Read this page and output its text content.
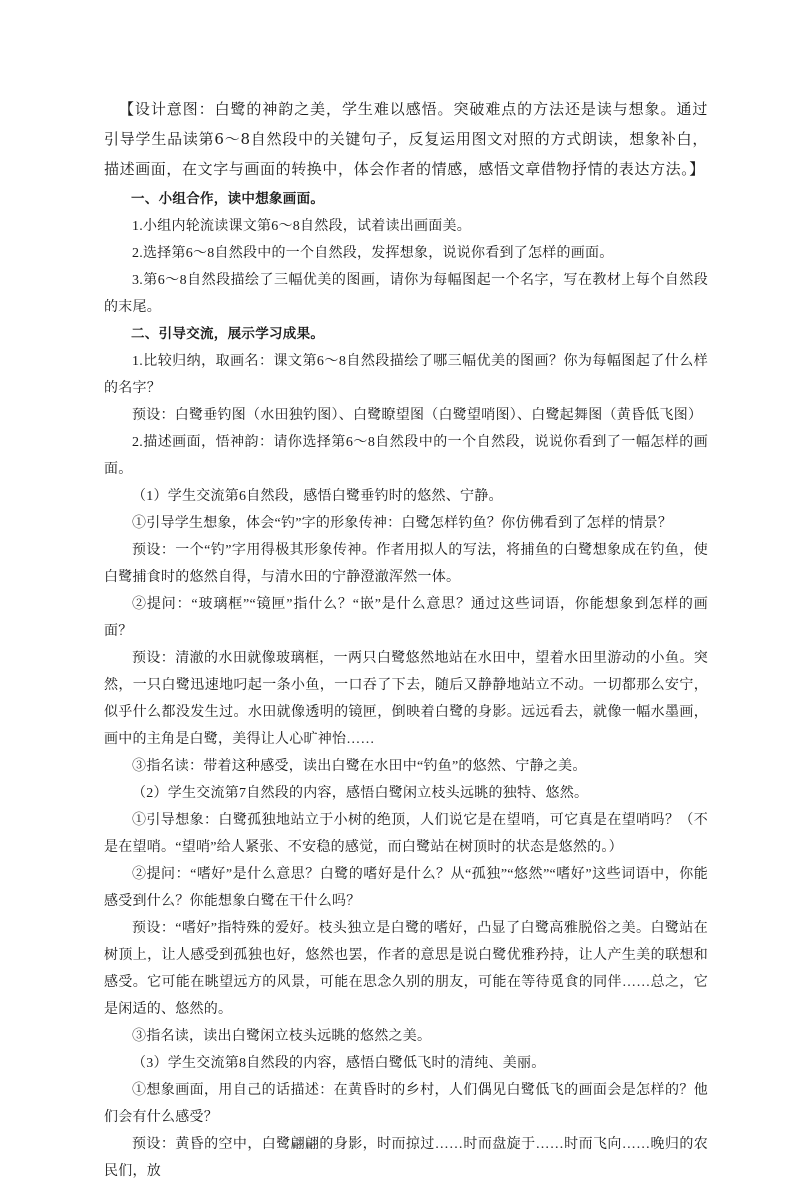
【设计意图：白鹭的神韵之美，学生难以感悟。突破难点的方法还是读与想象。通过引导学生品读第6～8自然段中的关键句子，反复运用图文对照的方式朗读，想象补白，描述画面，在文字与画面的转换中，体会作者的情感，感悟文章借物抒情的表达方法。】

一、小组合作，读中想象画面。

1.小组内轮流读课文第6～8自然段，试着读出画面美。

2.选择第6～8自然段中的一个自然段，发挥想象，说说你看到了怎样的画面。

3.第6～8自然段描绘了三幅优美的图画，请你为每幅图起一个名字，写在教材上每个自然段的末尾。

二、引导交流，展示学习成果。

1.比较归纳，取画名：课文第6～8自然段描绘了哪三幅优美的图画？你为每幅图起了什么样的名字？

预设：白鹭垂钓图（水田独钓图）、白鹭瞭望图（白鹭望哨图）、白鹭起舞图（黄昏低飞图）

2.描述画面，悟神韵：请你选择第6～8自然段中的一个自然段，说说你看到了一幅怎样的画面。

（1）学生交流第6自然段，感悟白鹭垂钓时的悠然、宁静。

①引导学生想象，体会“钓”字的形象传神：白鹭怎样钓鱼？你仿佛看到了怎样的情景？

预设：一个“钓”字用得极其形象传神。作者用拟人的写法，将捕鱼的白鹭想象成在钓鱼，使白鹭捕食时的悠然自得，与清水田的宁静澄澈浑然一体。

②提问：“玻璃框”“镜匣”指什么？“嵌”是什么意思？通过这些词语，你能想象到怎样的画面？

预设：清澈的水田就像玻璃框，一两只白鹭悠然地站在水田中，望着水田里游动的小鱼。突然，一只白鹭迅速地叼起一条小鱼，一口吞了下去，随后又静静地站立不动。一切都那么安宁，似乎什么都没发生过。水田就像透明的镜匣，倒映着白鹭的身影。远远看去，就像一幅水墨画，画中的主角是白鹭，美得让人心旷神怡……

③指名读：带着这种感受，读出白鹭在水田中“钓鱼”的悠然、宁静之美。

（2）学生交流第7自然段的内容，感悟白鹭闲立枝头远眺的独特、悠然。

①引导想象：白鹭孤独地站立于小树的绝顶，人们说它是在望哨，可它真是在望哨吗？（不是在望哨。“望哨”给人紧张、不安稳的感觉，而白鹭站在树顶时的状态是悠然的。）

②提问：“嗜好”是什么意思？白鹭的嗜好是什么？从“孤独”“悠然”“嗜好”这些词语中，你能感受到什么？你能想象白鹭在干什么吗？

预设：“嗜好”指特殊的爱好。枝头独立是白鹭的嗜好，凸显了白鹭高雅脱俗之美。白鹭站在树顶上，让人感受到孤独也好，悠然也罢，作者的意思是说白鹭优雅矜持，让人产生美的联想和感受。它可能在眺望远方的风景，可能在思念久别的朋友，可能在等待觅食的同伴……总之，它是闲适的、悠然的。

③指名读，读出白鹭闲立枝头远眺的悠然之美。

（3）学生交流第8自然段的内容，感悟白鹭低飞时的清纯、美丽。

①想象画面，用自己的话描述：在黄昏时的乡村，人们偶见白鹭低飞的画面会是怎样的？他们会有什么感受？

预设：黄昏的空中，白鹭翩翩的身影，时而掠过……时而盘旋于……时而飞向……晚归的农民们，放
